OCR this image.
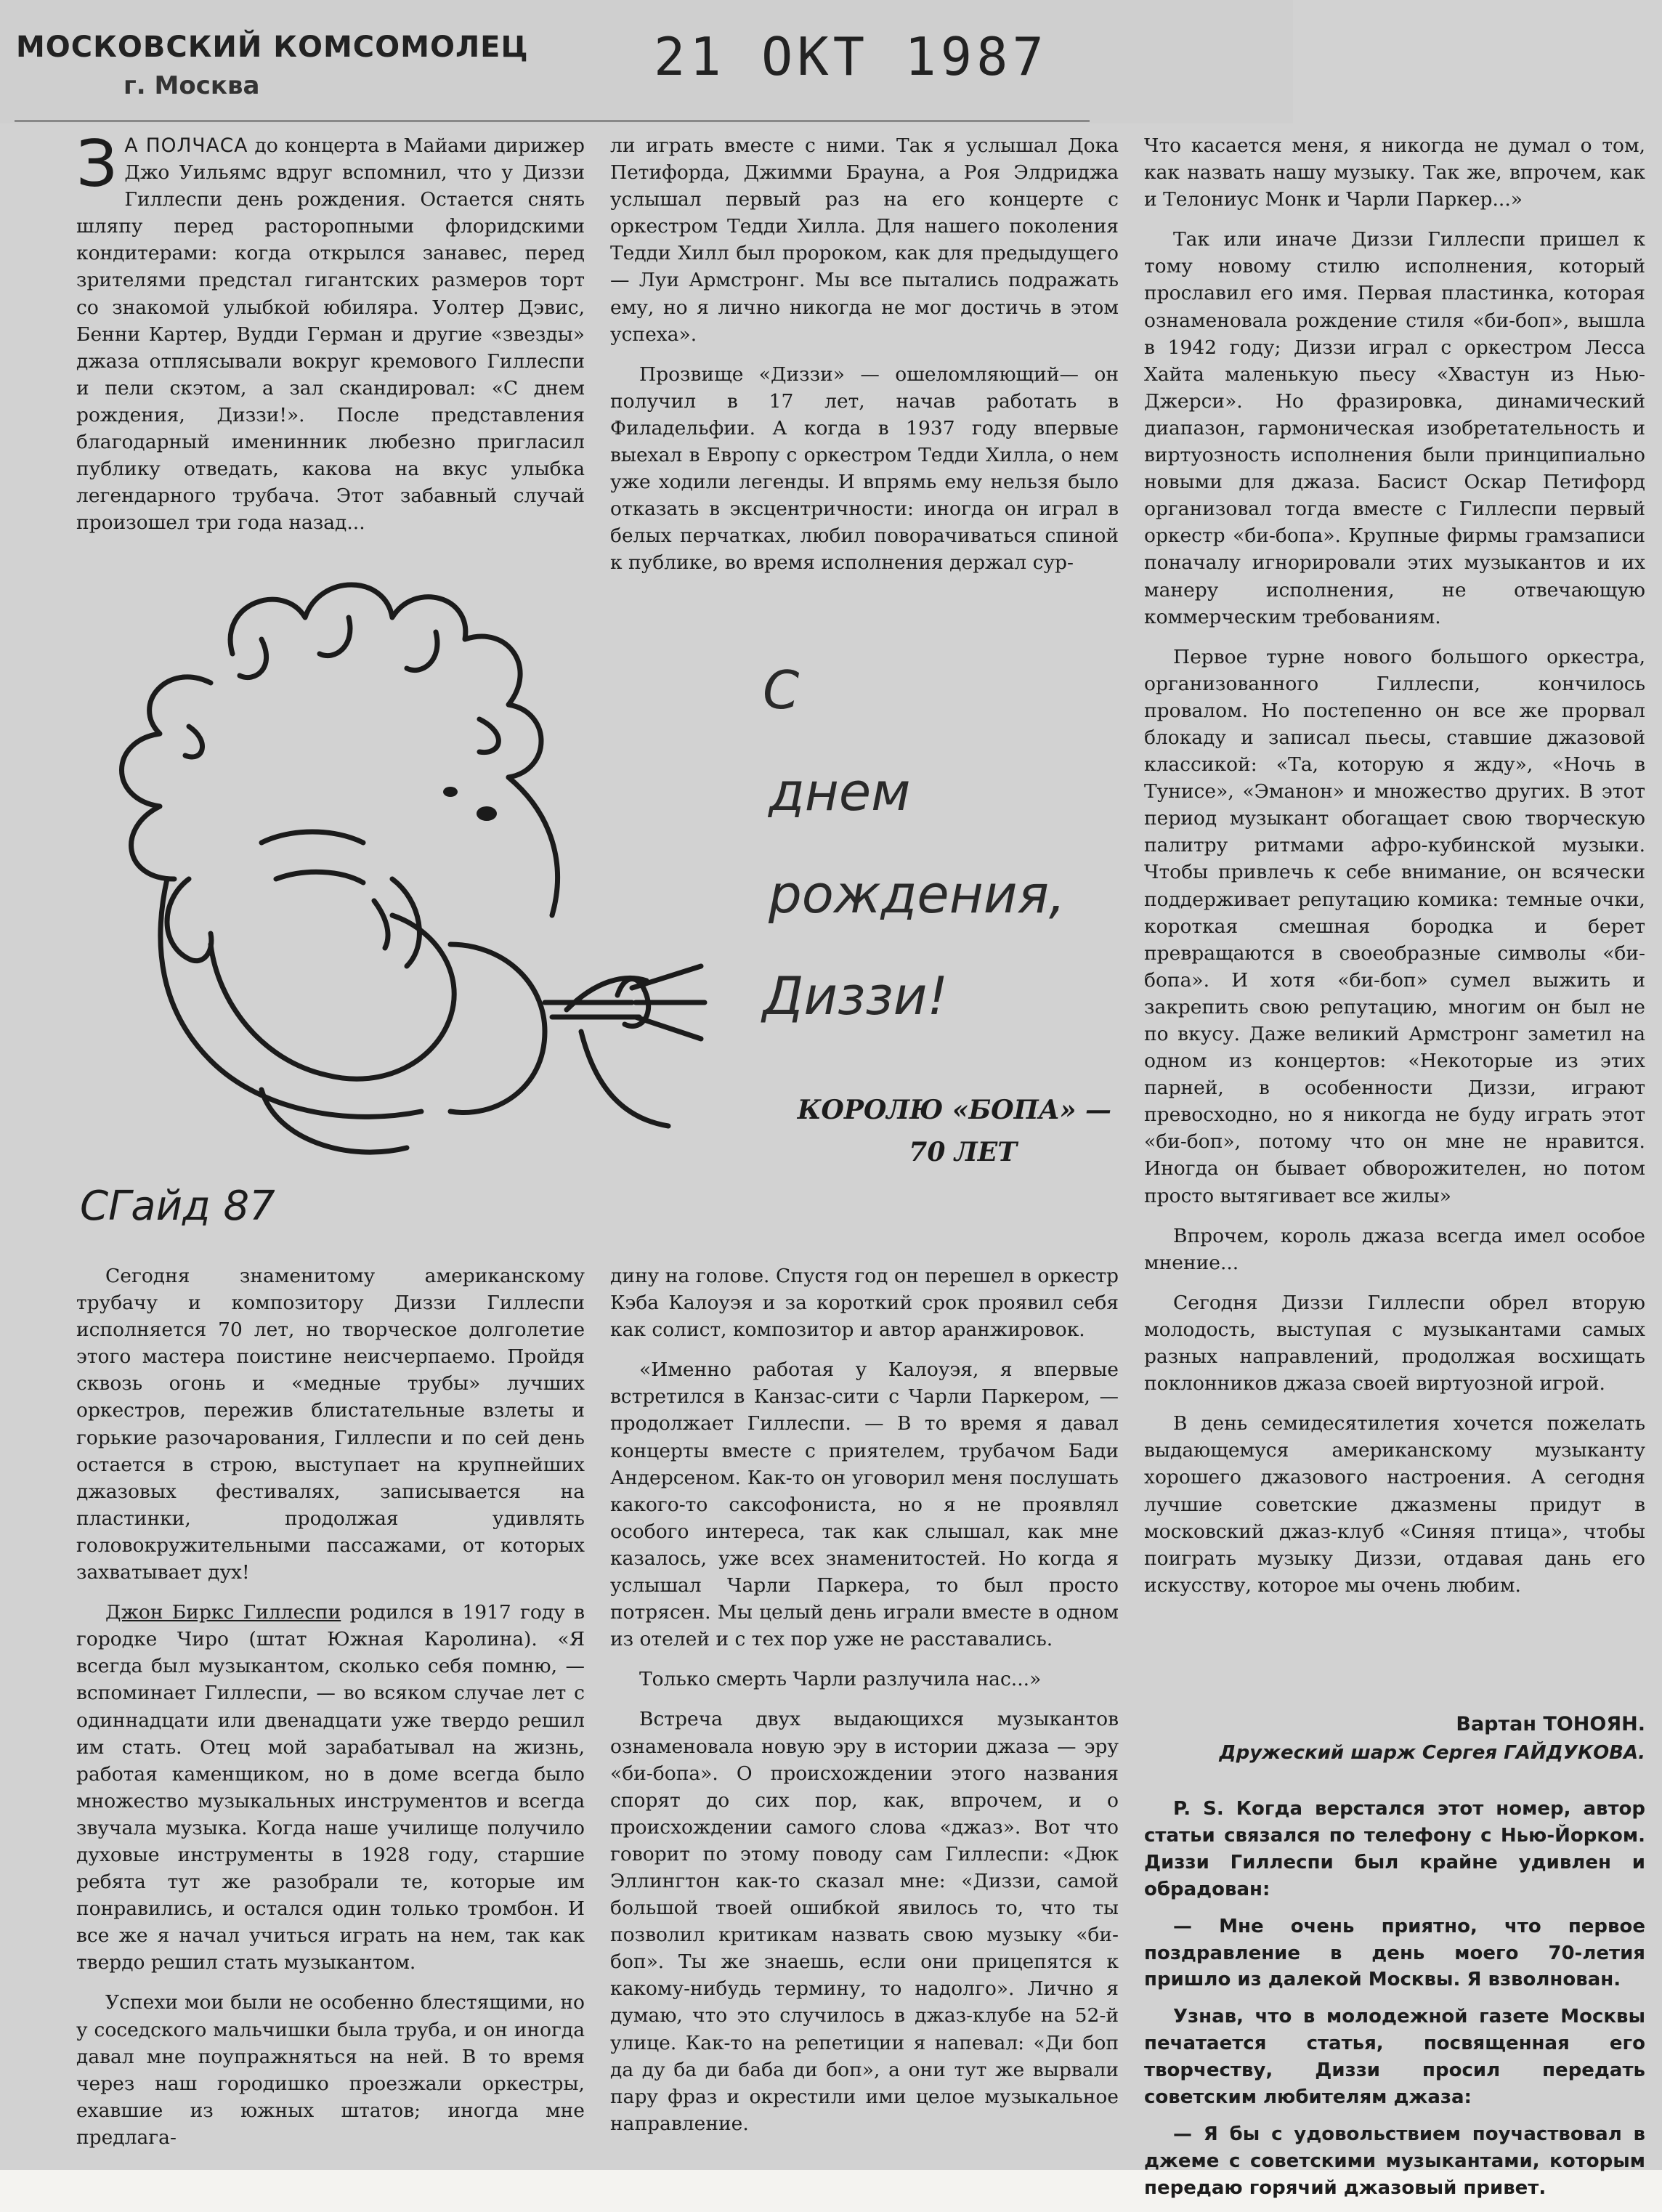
МОСКОВСКИЙ КОМСОМОЛЕЦ
г. Москва	21 ОКТ 1987

З А ПОЛЧАСА до концерта в Майами дирижер Джо Уильямс вдруг вспомнил, что у Диззи Гиллеспи день рождения. Остается снять шляпу перед расторопными флоридскими кондитерами: когда открылся занавес, перед зрителями предстал гигантских размеров торт со знакомой улыбкой юбиляра. Уолтер Дэвис, Бенни Картер, Вудди Герман и другие «звезды» джаза отплясывали вокруг кремового Гиллеспи и пели скэтом, а зал скандировал: «С днем рождения, Диззи!». После представления благодарный именинник любезно пригласил публику отведать, какова на вкус улыбка легендарного трубача. Этот забавный случай произошел три года назад...

СГайд 87
С
днем
рождения,
Диззи!
КОРОЛЮ «БОПА» —
70 ЛЕТ

Сегодня знаменитому американскому трубачу и композитору Диззи Гиллеспи исполняется 70 лет, но творческое долголетие этого мастера поистине неисчерпаемо. Пройдя сквозь огонь и «медные трубы» лучших оркестров, пережив блистательные взлеты и горькие разочарования, Гиллеспи и по сей день остается в строю, выступает на крупнейших джазовых фестивалях, записывается на пластинки, продолжая удивлять головокружительными пассажами, от которых захватывает дух!

Джон Биркс Гиллеспи родился в 1917 году в городке Чиро (штат Южная Каролина). «Я всегда был музыкантом, сколько себя помню, — вспоминает Гиллеспи, — во всяком случае лет с одиннадцати или двенадцати уже твердо решил им стать. Отец мой зарабатывал на жизнь, работая каменщиком, но в доме всегда было множество музыкальных инструментов и всегда звучала музыка. Когда наше училище получило духовые инструменты в 1928 году, старшие ребята тут же разобрали те, которые им понравились, и остался один только тромбон. И все же я начал учиться играть на нем, так как твердо решил стать музыкантом.

Успехи мои были не особенно блестящими, но у соседского мальчишки была труба, и он иногда давал мне поупражняться на ней. В то время через наш городишко проезжали оркестры, ехавшие из южных штатов; иногда мне предлага-

ли играть вместе с ними. Так я услышал Дока Петифорда, Джимми Брауна, а Роя Элдриджа услышал первый раз на его концерте с оркестром Тедди Хилла. Для нашего поколения Тедди Хилл был пророком, как для предыдущего — Луи Армстронг. Мы все пытались подражать ему, но я лично никогда не мог достичь в этом успеха».

Прозвище «Диззи» — ошеломляющий— он получил в 17 лет, начав работать в Филадельфии. А когда в 1937 году впервые выехал в Европу с оркестром Тедди Хилла, о нем уже ходили легенды. И впрямь ему нельзя было отказать в эксцентричности: иногда он играл в белых перчатках, любил поворачиваться спиной к публике, во время исполнения держал сур-

дину на голове. Спустя год он перешел в оркестр Кэба Калоуэя и за короткий срок проявил себя как солист, композитор и автор аранжировок.

«Именно работая у Калоуэя, я впервые встретился в Канзас-сити с Чарли Паркером, — продолжает Гиллеспи. — В то время я давал концерты вместе с приятелем, трубачом Бади Андерсеном. Как-то он уговорил меня послушать какого-то саксофониста, но я не проявлял особого интереса, так как слышал, как мне казалось, уже всех знаменитостей. Но когда я услышал Чарли Паркера, то был просто потрясен. Мы целый день играли вместе в одном из отелей и с тех пор уже не расставались.

Только смерть Чарли разлучила нас...»

Встреча двух выдающихся музыкантов ознаменовала новую эру в истории джаза — эру «би-бопа». О происхождении этого названия спорят до сих пор, как, впрочем, и о происхождении самого слова «джаз». Вот что говорит по этому поводу сам Гиллеспи: «Дюк Эллингтон как-то сказал мне: «Диззи, самой большой твоей ошибкой явилось то, что ты позволил критикам назвать свою музыку «би-боп». Ты же знаешь, если они прицепятся к какому-нибудь термину, то надолго». Лично я думаю, что это случилось в джаз-клубе на 52-й улице. Как-то на репетиции я напевал: «Ди боп да ду ба ди баба ди боп», а они тут же вырвали пару фраз и окрестили ими целое музыкальное направление.

Что касается меня, я никогда не думал о том, как назвать нашу музыку. Так же, впрочем, как и Телониус Монк и Чарли Паркер...»

Так или иначе Диззи Гиллеспи пришел к тому новому стилю исполнения, который прославил его имя. Первая пластинка, которая ознаменовала рождение стиля «би-боп», вышла в 1942 году; Диззи играл с оркестром Лесса Хайта маленькую пьесу «Хвастун из Нью-Джерси». Но фразировка, динамический диапазон, гармоническая изобретательность и виртуозность исполнения были принципиально новыми для джаза. Басист Оскар Петифорд организовал тогда вместе с Гиллеспи первый оркестр «би-бопа». Крупные фирмы грамзаписи поначалу игнорировали этих музыкантов и их манеру исполнения, не отвечающую коммерческим требованиям.

Первое турне нового большого оркестра, организованного Гиллеспи, кончилось провалом. Но постепенно он все же прорвал блокаду и записал пьесы, ставшие джазовой классикой: «Та, которую я жду», «Ночь в Тунисе», «Эманон» и множество других. В этот период музыкант обогащает свою творческую палитру ритмами афро-кубинской музыки. Чтобы привлечь к себе внимание, он всячески поддерживает репутацию комика: темные очки, короткая смешная бородка и берет превращаются в своеобразные символы «би-бопа». И хотя «би-боп» сумел выжить и закрепить свою репутацию, многим он был не по вкусу. Даже великий Армстронг заметил на одном из концертов: «Некоторые из этих парней, в особенности Диззи, играют превосходно, но я никогда не буду играть этот «би-боп», потому что он мне не нравится. Иногда он бывает обворожителен, но потом просто вытягивает все жилы»

Впрочем, король джаза всегда имел особое мнение...

Сегодня Диззи Гиллеспи обрел вторую молодость, выступая с музыкантами самых разных направлений, продолжая восхищать поклонников джаза своей виртуозной игрой.

В день семидесятилетия хочется пожелать выдающемуся американскому музыканту хорошего джазового настроения. А сегодня лучшие советские джазмены придут в московский джаз-клуб «Синяя птица», чтобы поиграть музыку Диззи, отдавая дань его искусству, которое мы очень любим.

Вартан ТОНОЯН.
Дружеский шарж Сергея ГАЙДУКОВА.

P. S. Когда верстался этот номер, автор статьи связался по телефону с Нью-Йорком. Диззи Гиллеспи был крайне удивлен и обрадован:

— Мне очень приятно, что первое поздравление в день моего 70-летия пришло из далекой Москвы. Я взволнован.

Узнав, что в молодежной газете Москвы печатается статья, посвященная его творчеству, Диззи просил передать советским любителям джаза:

— Я бы с удовольствием поучаствовал в джеме с советскими музыкантами, которым передаю горячий джазовый привет.
